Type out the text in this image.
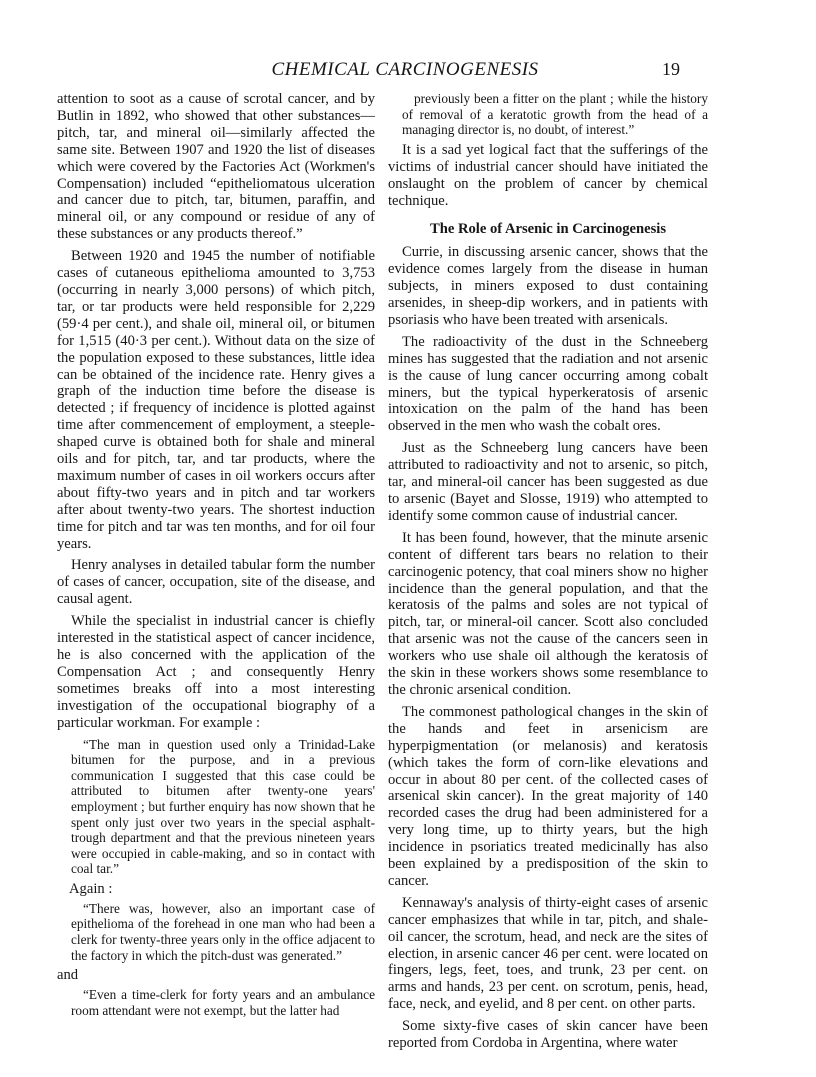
CHEMICAL CARCINOGENESIS	19

attention to soot as a cause of scrotal cancer, and by Butlin in 1892, who showed that other substances—pitch, tar, and mineral oil—similarly affected the same site. Between 1907 and 1920 the list of diseases which were covered by the Factories Act (Workmen's Compensation) included “epitheliomatous ulceration and cancer due to pitch, tar, bitumen, paraffin, and mineral oil, or any compound or residue of any of these substances or any products thereof.”

Between 1920 and 1945 the number of notifiable cases of cutaneous epithelioma amounted to 3,753 (occurring in nearly 3,000 persons) of which pitch, tar, or tar products were held responsible for 2,229 (59·4 per cent.), and shale oil, mineral oil, or bitumen for 1,515 (40·3 per cent.). Without data on the size of the population exposed to these substances, little idea can be obtained of the incidence rate. Henry gives a graph of the induction time before the disease is detected ; if frequency of incidence is plotted against time after commencement of employment, a steeple-shaped curve is obtained both for shale and mineral oils and for pitch, tar, and tar products, where the maximum number of cases in oil workers occurs after about fifty-two years and in pitch and tar workers after about twenty-two years. The shortest induction time for pitch and tar was ten months, and for oil four years.

Henry analyses in detailed tabular form the number of cases of cancer, occupation, site of the disease, and causal agent.

While the specialist in industrial cancer is chiefly interested in the statistical aspect of cancer incidence, he is also concerned with the application of the Compensation Act ; and consequently Henry sometimes breaks off into a most interesting investigation of the occupational biography of a particular workman. For example :

“The man in question used only a Trinidad-Lake bitumen for the purpose, and in a previous communication I suggested that this case could be attributed to bitumen after twenty-one years' employment ; but further enquiry has now shown that he spent only just over two years in the special asphalt-trough department and that the previous nineteen years were occupied in cable-making, and so in contact with coal tar.”

Again :

“There was, however, also an important case of epithelioma of the forehead in one man who had been a clerk for twenty-three years only in the office adjacent to the factory in which the pitch-dust was generated.”

and

“Even a time-clerk for forty years and an ambulance room attendant were not exempt, but the latter had

previously been a fitter on the plant ; while the history of removal of a keratotic growth from the head of a managing director is, no doubt, of interest.”

It is a sad yet logical fact that the sufferings of the victims of industrial cancer should have initiated the onslaught on the problem of cancer by chemical technique.

The Role of Arsenic in Carcinogenesis

Currie, in discussing arsenic cancer, shows that the evidence comes largely from the disease in human subjects, in miners exposed to dust containing arsenides, in sheep-dip workers, and in patients with psoriasis who have been treated with arsenicals.

The radioactivity of the dust in the Schneeberg mines has suggested that the radiation and not arsenic is the cause of lung cancer occurring among cobalt miners, but the typical hyperkeratosis of arsenic intoxication on the palm of the hand has been observed in the men who wash the cobalt ores.

Just as the Schneeberg lung cancers have been attributed to radioactivity and not to arsenic, so pitch, tar, and mineral-oil cancer has been suggested as due to arsenic (Bayet and Slosse, 1919) who attempted to identify some common cause of industrial cancer.

It has been found, however, that the minute arsenic content of different tars bears no relation to their carcinogenic potency, that coal miners show no higher incidence than the general population, and that the keratosis of the palms and soles are not typical of pitch, tar, or mineral-oil cancer. Scott also concluded that arsenic was not the cause of the cancers seen in workers who use shale oil although the keratosis of the skin in these workers shows some resemblance to the chronic arsenical condition.

The commonest pathological changes in the skin of the hands and feet in arsenicism are hyperpigmentation (or melanosis) and keratosis (which takes the form of corn-like elevations and occur in about 80 per cent. of the collected cases of arsenical skin cancer). In the great majority of 140 recorded cases the drug had been administered for a very long time, up to thirty years, but the high incidence in psoriatics treated medicinally has also been explained by a predisposition of the skin to cancer.

Kennaway's analysis of thirty-eight cases of arsenic cancer emphasizes that while in tar, pitch, and shale-oil cancer, the scrotum, head, and neck are the sites of election, in arsenic cancer 46 per cent. were located on fingers, legs, feet, toes, and trunk, 23 per cent. on arms and hands, 23 per cent. on scrotum, penis, head, face, neck, and eyelid, and 8 per cent. on other parts.

Some sixty-five cases of skin cancer have been reported from Cordoba in Argentina, where water
